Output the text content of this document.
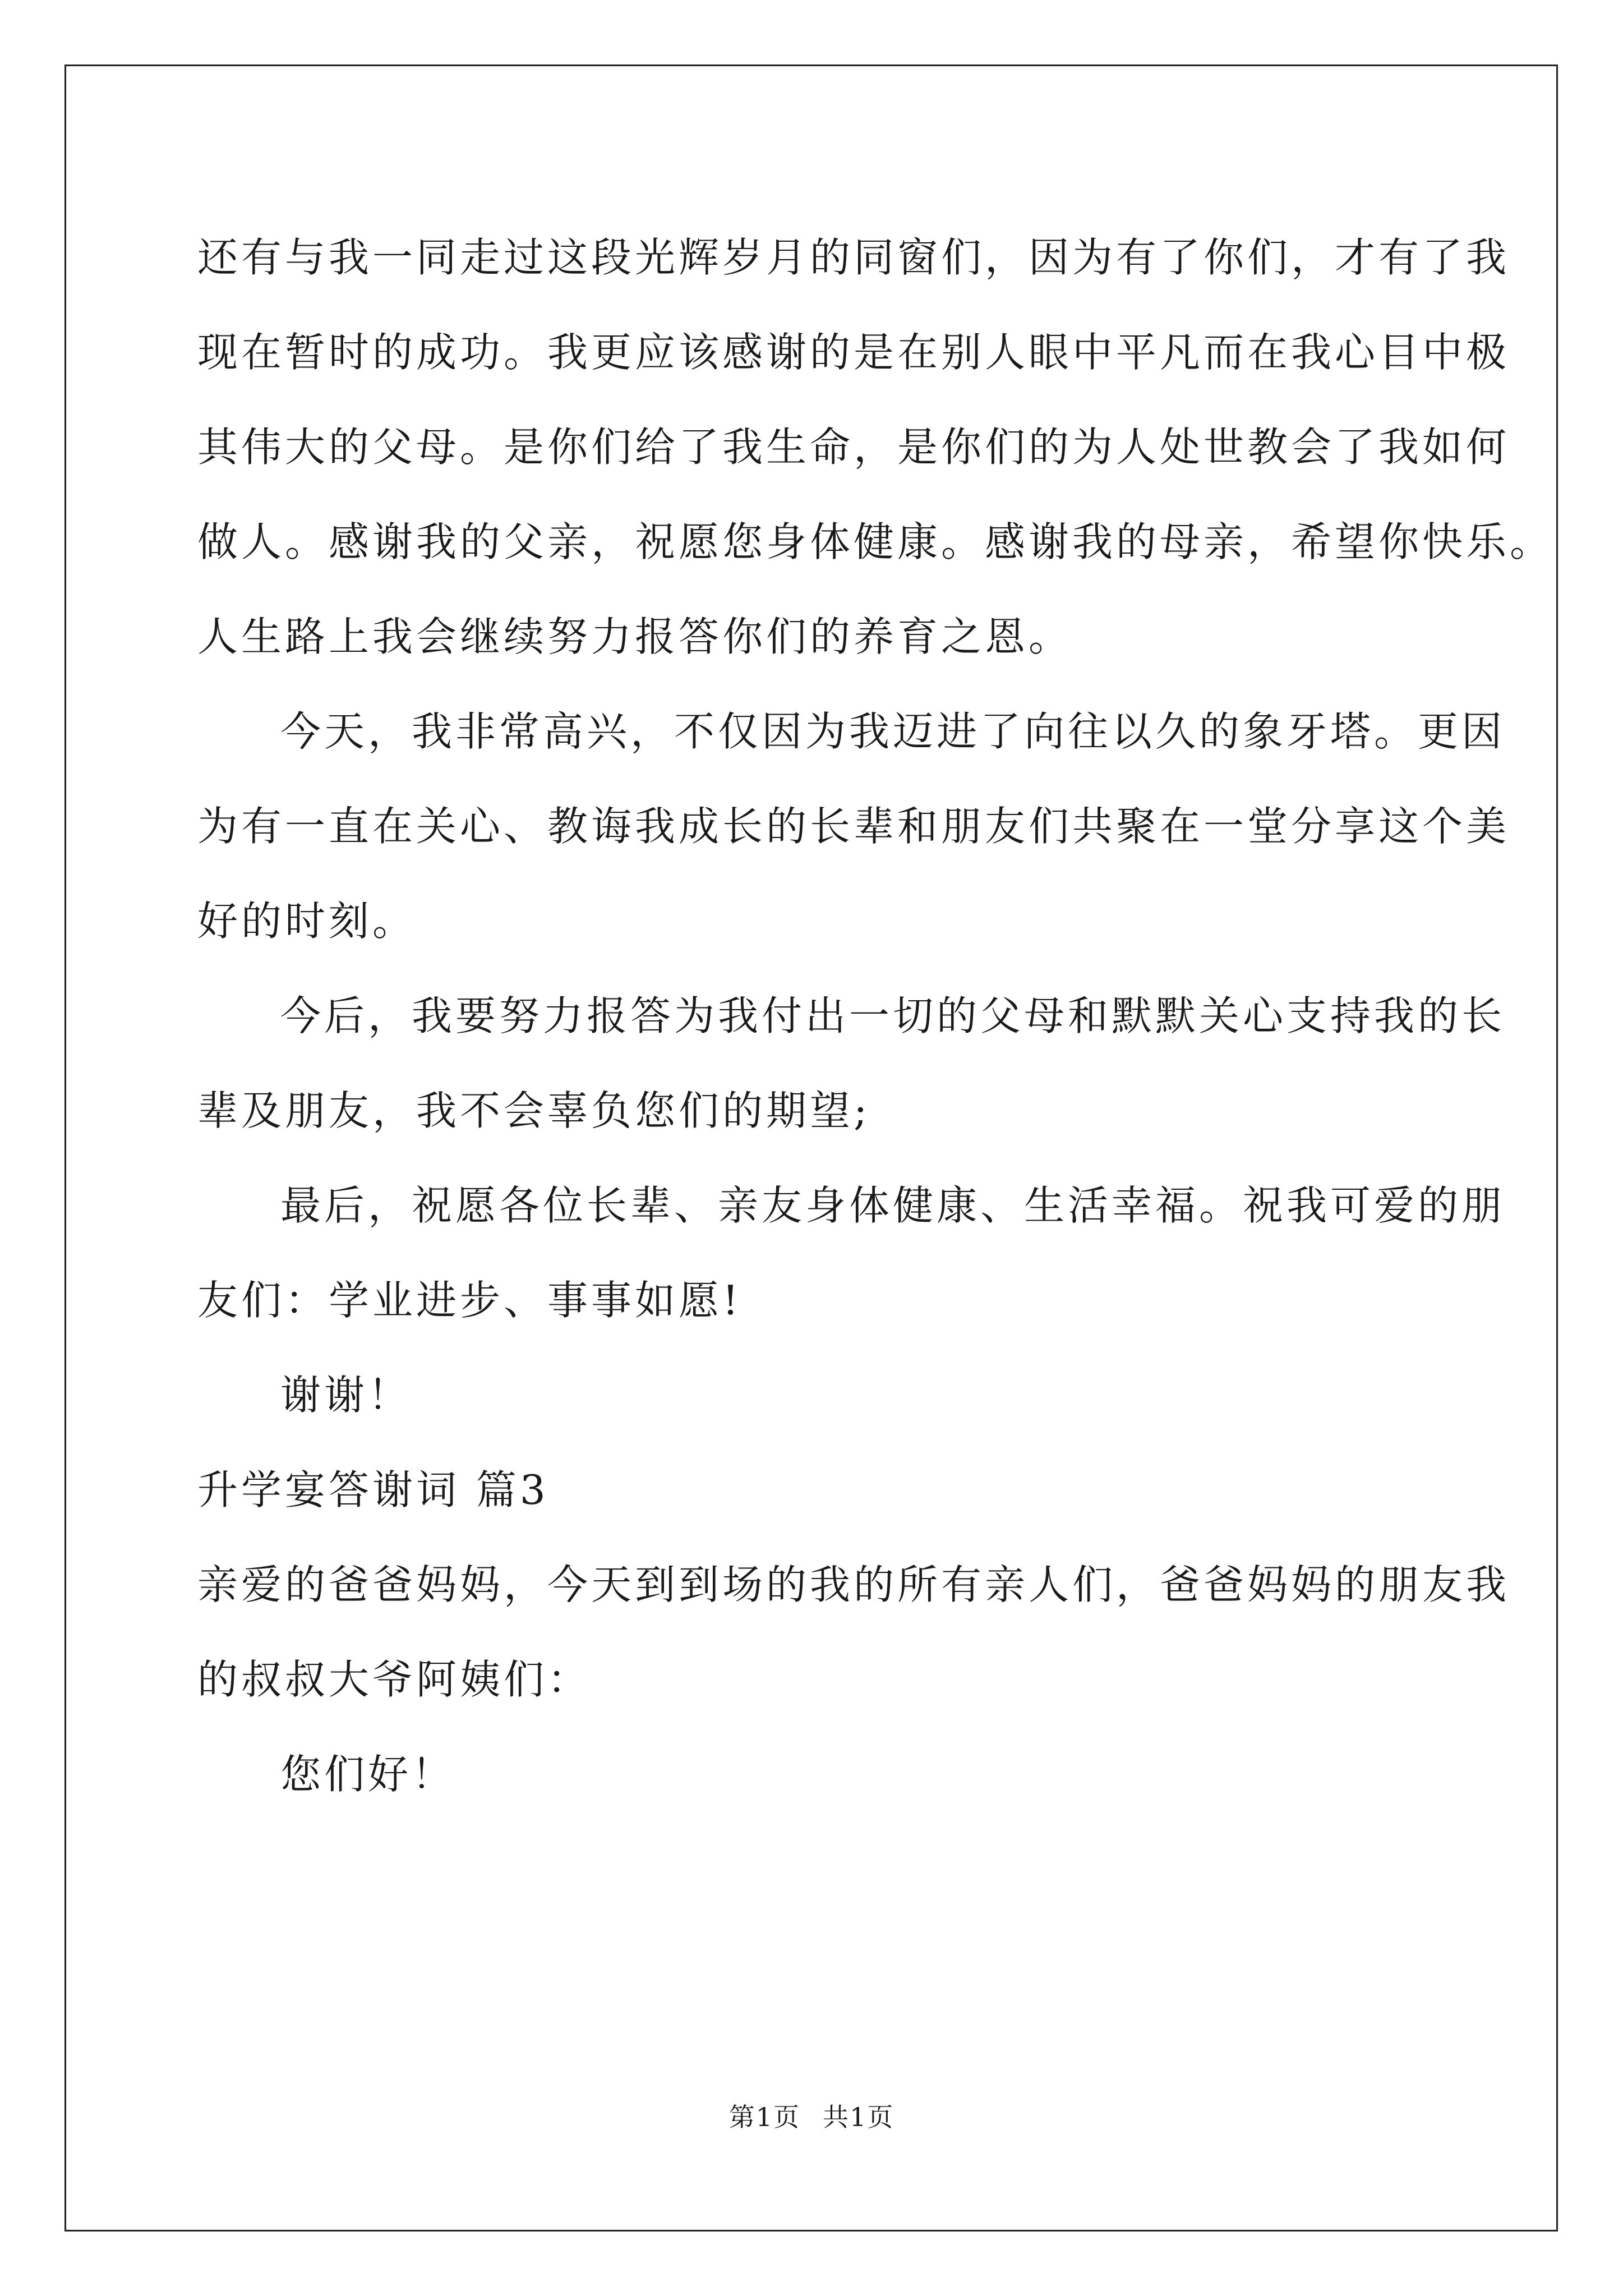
还有与我一同走过这段光辉岁月的同窗们，因为有了你们，才有了我
现在暂时的成功。我更应该感谢的是在别人眼中平凡而在我心目中极
其伟大的父母。是你们给了我生命，是你们的为人处世教会了我如何
做人。感谢我的父亲，祝愿您身体健康。感谢我的母亲，希望你快乐。
人生路上我会继续努力报答你们的养育之恩。
今天，我非常高兴，不仅因为我迈进了向往以久的象牙塔。更因
为有一直在关心、教诲我成长的长辈和朋友们共聚在一堂分享这个美
好的时刻。
今后，我要努力报答为我付出一切的父母和默默关心支持我的长
辈及朋友，我不会辜负您们的期望;
最后，祝愿各位长辈、亲友身体健康、生活幸福。祝我可爱的朋
友们：学业进步、事事如愿!
谢谢！
升学宴答谢词 篇3
亲爱的爸爸妈妈，今天到到场的我的所有亲人们，爸爸妈妈的朋友我
的叔叔大爷阿姨们：
您们好！
第1页 共1页
